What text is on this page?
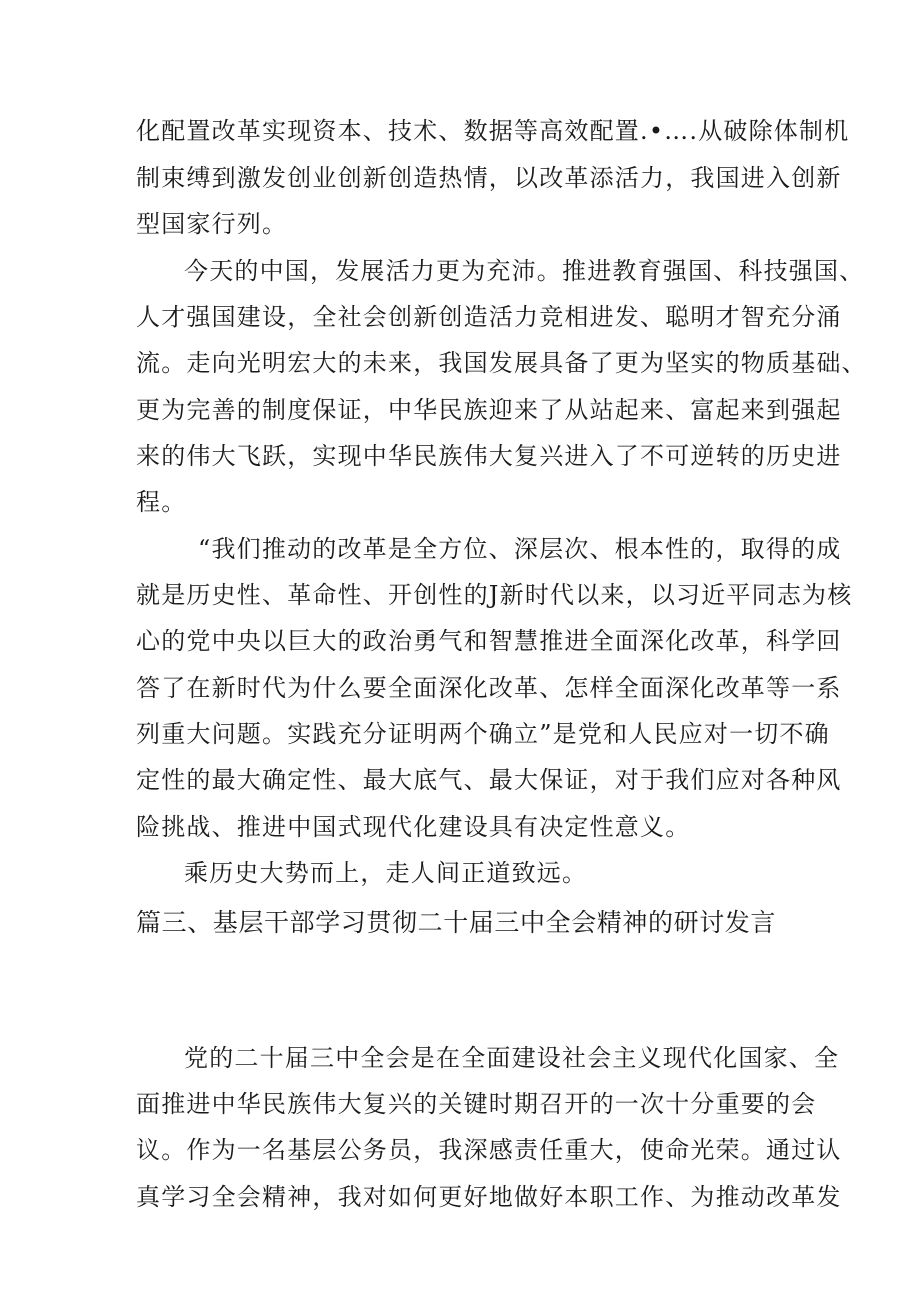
化配置改革实现资本、技术、数据等高效配置.•….从破除体制机
制束缚到激发创业创新创造热情，以改革添活力，我国进入创新
型国家行列。
今天的中国，发展活力更为充沛。推进教育强国、科技强国、
人才强国建设，全社会创新创造活力竞相进发、聪明才智充分涌
流。走向光明宏大的未来，我国发展具备了更为坚实的物质基础、
更为完善的制度保证，中华民族迎来了从站起来、富起来到强起
来的伟大飞跃，实现中华民族伟大复兴进入了不可逆转的历史进
程。
“我们推动的改革是全方位、深层次、根本性的，取得的成
就是历史性、革命性、开创性的J新时代以来，以习近平同志为核
心的党中央以巨大的政治勇气和智慧推进全面深化改革，科学回
答了在新时代为什么要全面深化改革、怎样全面深化改革等一系
列重大问题。实践充分证明两个确立”是党和人民应对一切不确
定性的最大确定性、最大底气、最大保证，对于我们应对各种风
险挑战、推进中国式现代化建设具有决定性意义。
乘历史大势而上，走人间正道致远。
篇三、基层干部学习贯彻二十届三中全会精神的研讨发言
党的二十届三中全会是在全面建设社会主义现代化国家、全
面推进中华民族伟大复兴的关键时期召开的一次十分重要的会
议。作为一名基层公务员，我深感责任重大，使命光荣。通过认
真学习全会精神，我对如何更好地做好本职工作、为推动改革发
